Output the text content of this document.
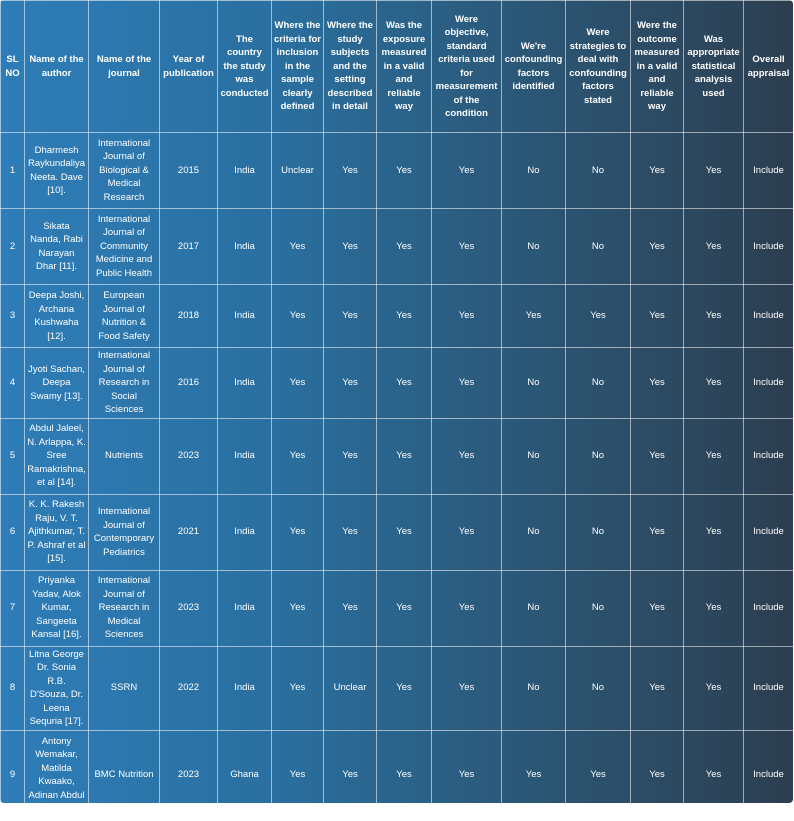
SL NO	Name of the author	Name of the journal	Year of publication	The country the study was conducted	Where the criteria for inclusion in the sample clearly defined	Where the study subjects and the setting described in detail	Was the exposure measured in a valid and reliable way	Were objective, standard criteria used for measurement of the condition	We're confounding factors identified	Were strategies to deal with confounding factors stated	Were the outcome measured in a valid and reliable way	Was appropriate statistical analysis used	Overall appraisal
1	Dharmesh Raykundaliya Neeta. Dave [10].	International Journal of Biological & Medical Research	2015	India	Unclear	Yes	Yes	Yes	No	No	Yes	Yes	Include
2	Sikata Nanda, Rabi Narayan Dhar [11].	International Journal of Community Medicine and Public Health	2017	India	Yes	Yes	Yes	Yes	No	No	Yes	Yes	Include
3	Deepa Joshi, Archana Kushwaha [12].	European Journal of Nutrition & Food Safety	2018	India	Yes	Yes	Yes	Yes	Yes	Yes	Yes	Yes	Include
4	Jyoti Sachan, Deepa Swamy [13].	International Journal of Research in Social Sciences	2016	India	Yes	Yes	Yes	Yes	No	No	Yes	Yes	Include
5	Abdul Jaleel, N. Arlappa, K. Sree Ramakrishna, et al [14].	Nutrients	2023	India	Yes	Yes	Yes	Yes	No	No	Yes	Yes	Include
6	K. K. Rakesh Raju, V. T. Ajithkumar, T. P. Ashraf et al [15].	International Journal of Contemporary Pediatrics	2021	India	Yes	Yes	Yes	Yes	No	No	Yes	Yes	Include
7	Priyanka Yadav, Alok Kumar, Sangeeta Kansal [16].	International Journal of Research in Medical Sciences	2023	India	Yes	Yes	Yes	Yes	No	No	Yes	Yes	Include
8	Litna George Dr. Sonia R.B. D'Souza, Dr. Leena Sequria [17].	SSRN	2022	India	Yes	Unclear	Yes	Yes	No	No	Yes	Yes	Include
9	Antony Wemakar, Matilda Kwaako, Adinan Abdul Rahman [18].	BMC Nutrition	2023	Ghana	Yes	Yes	Yes	Yes	Yes	Yes	Yes	Yes	Include
